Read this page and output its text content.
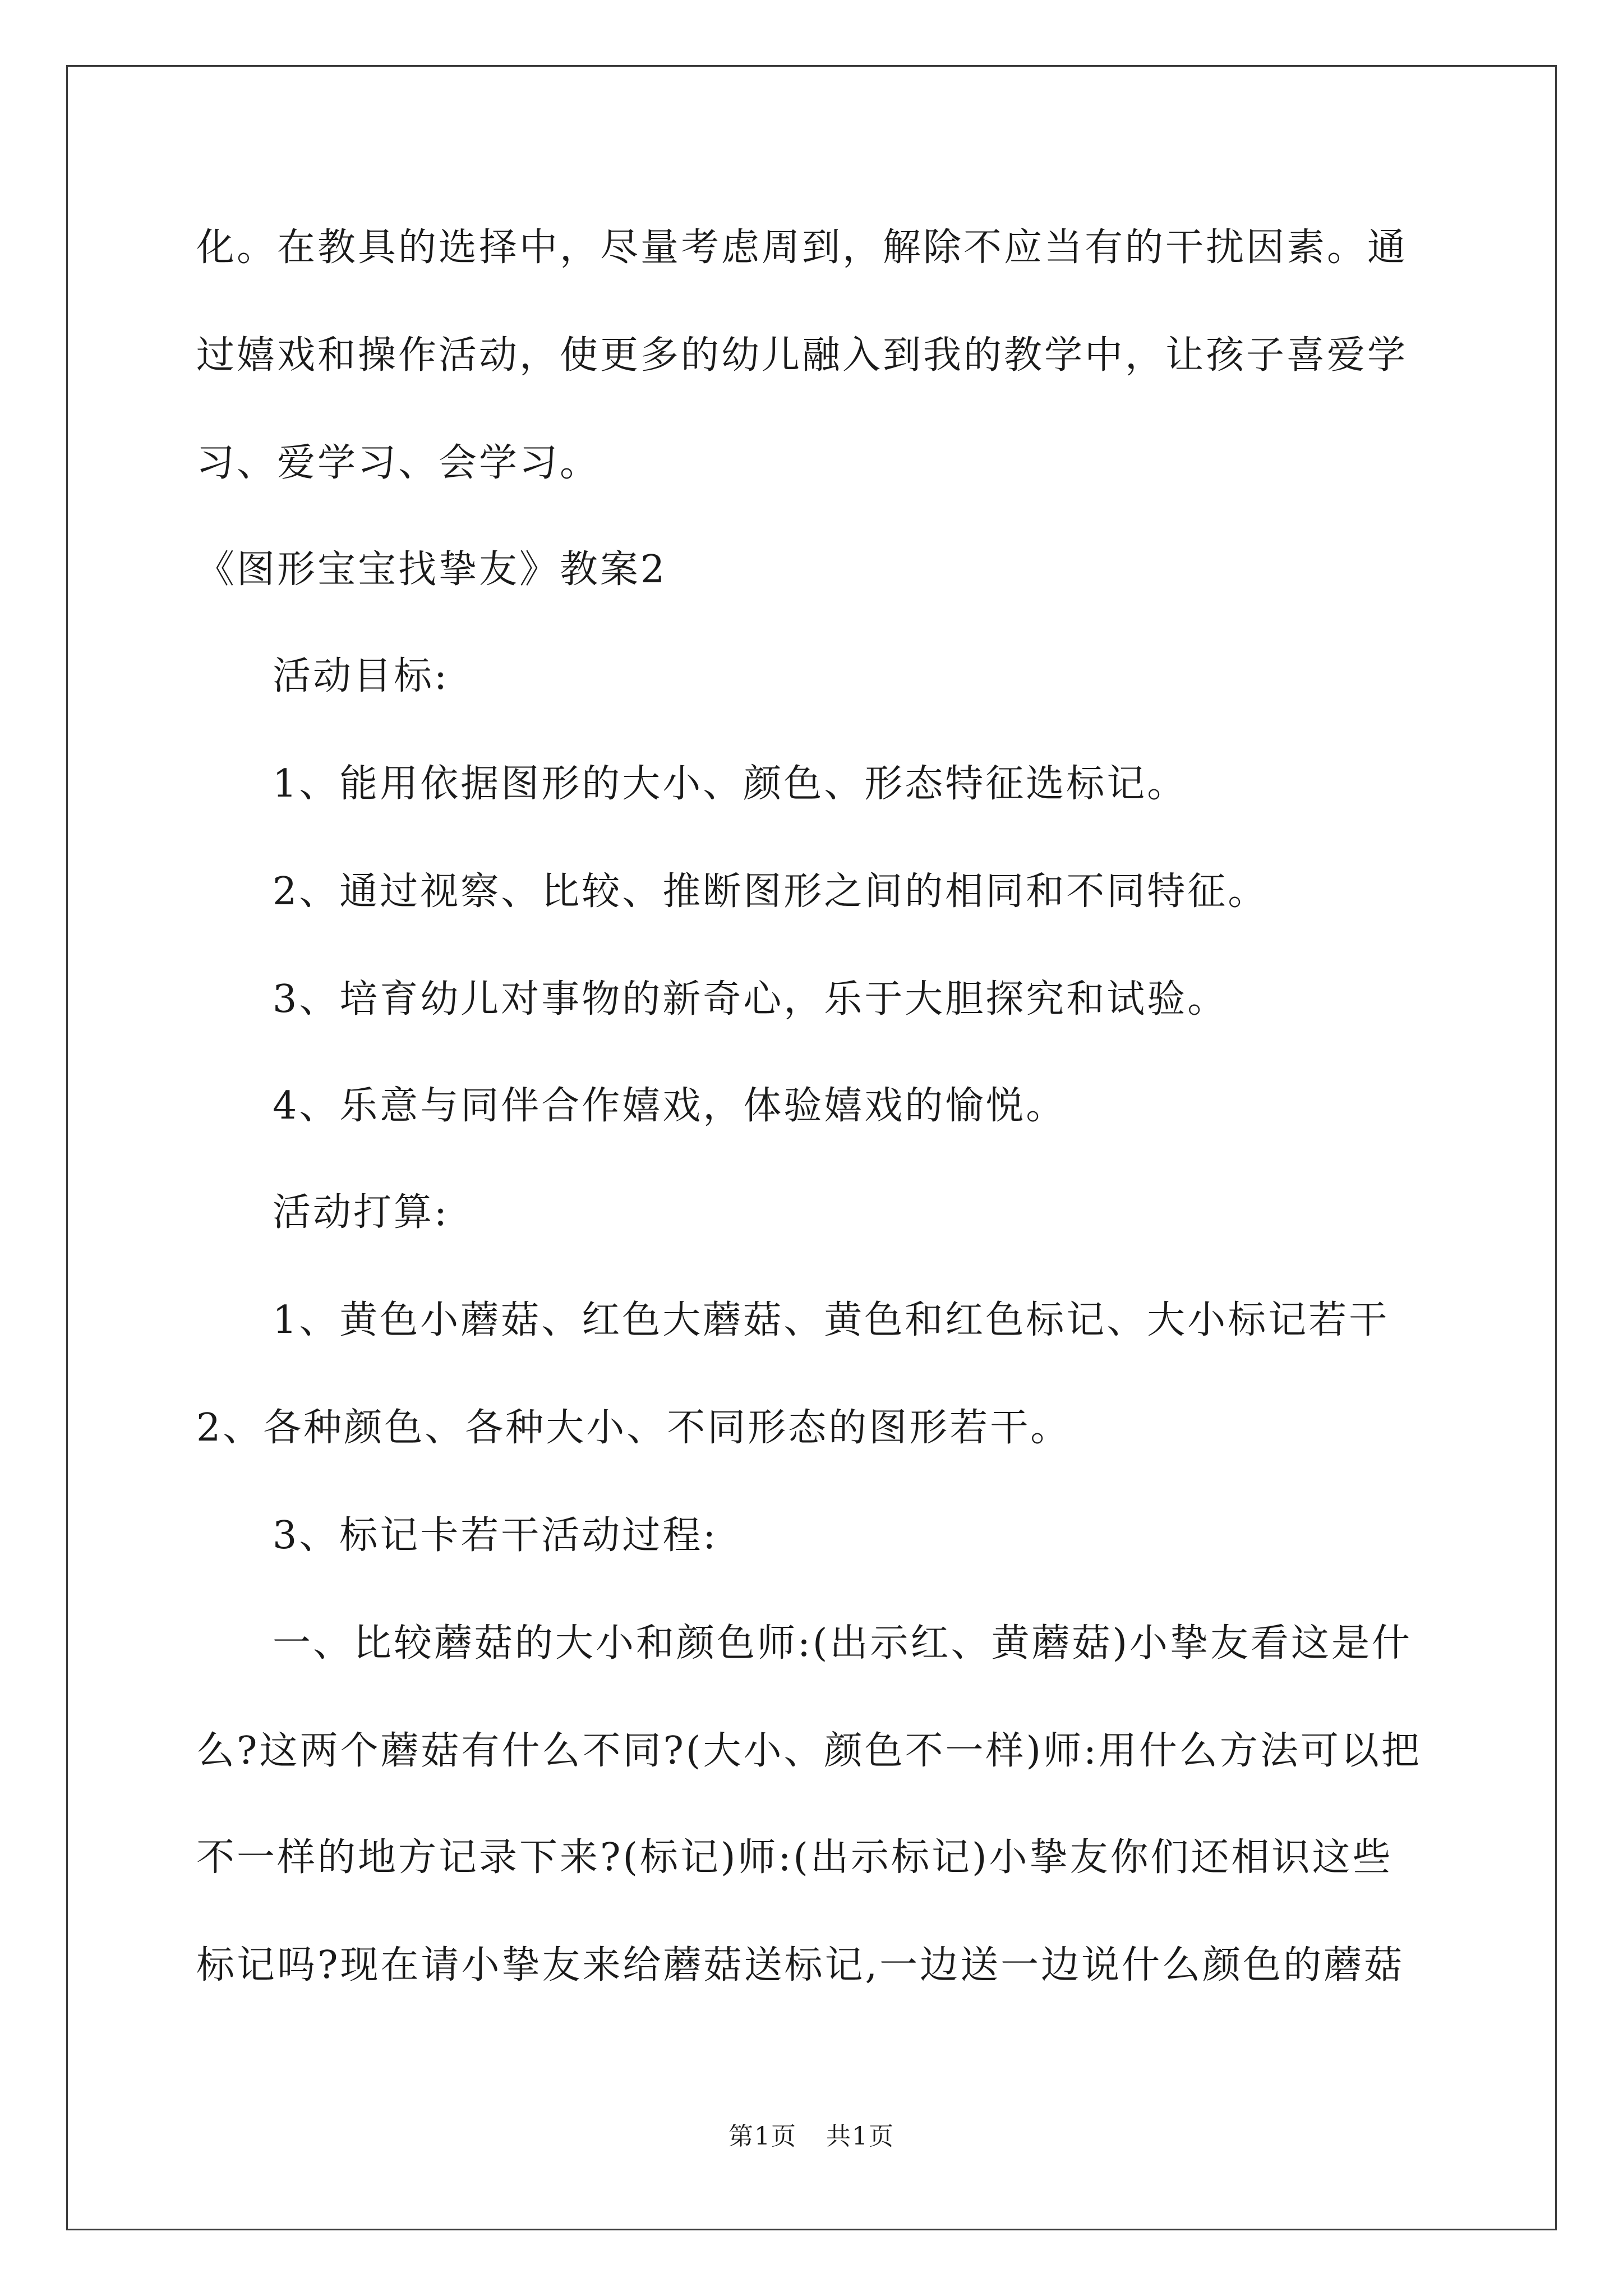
化。在教具的选择中，尽量考虑周到，解除不应当有的干扰因素。通
过嬉戏和操作活动，使更多的幼儿融入到我的教学中，让孩子喜爱学
习、爱学习、会学习。
《图形宝宝找挚友》教案2
活动目标:
1、能用依据图形的大小、颜色、形态特征选标记。
2、通过视察、比较、推断图形之间的相同和不同特征。
3、培育幼儿对事物的新奇心，乐于大胆探究和试验。
4、乐意与同伴合作嬉戏，体验嬉戏的愉悦。
活动打算:
1、黄色小蘑菇、红色大蘑菇、黄色和红色标记、大小标记若干
2、各种颜色、各种大小、不同形态的图形若干。
3、标记卡若干活动过程:
一、比较蘑菇的大小和颜色师:(出示红、黄蘑菇)小挚友看这是什
么?这两个蘑菇有什么不同?(大小、颜色不一样)师:用什么方法可以把
不一样的地方记录下来?(标记)师:(出示标记)小挚友你们还相识这些
标记吗?现在请小挚友来给蘑菇送标记,一边送一边说什么颜色的蘑菇
第1页 共1页
